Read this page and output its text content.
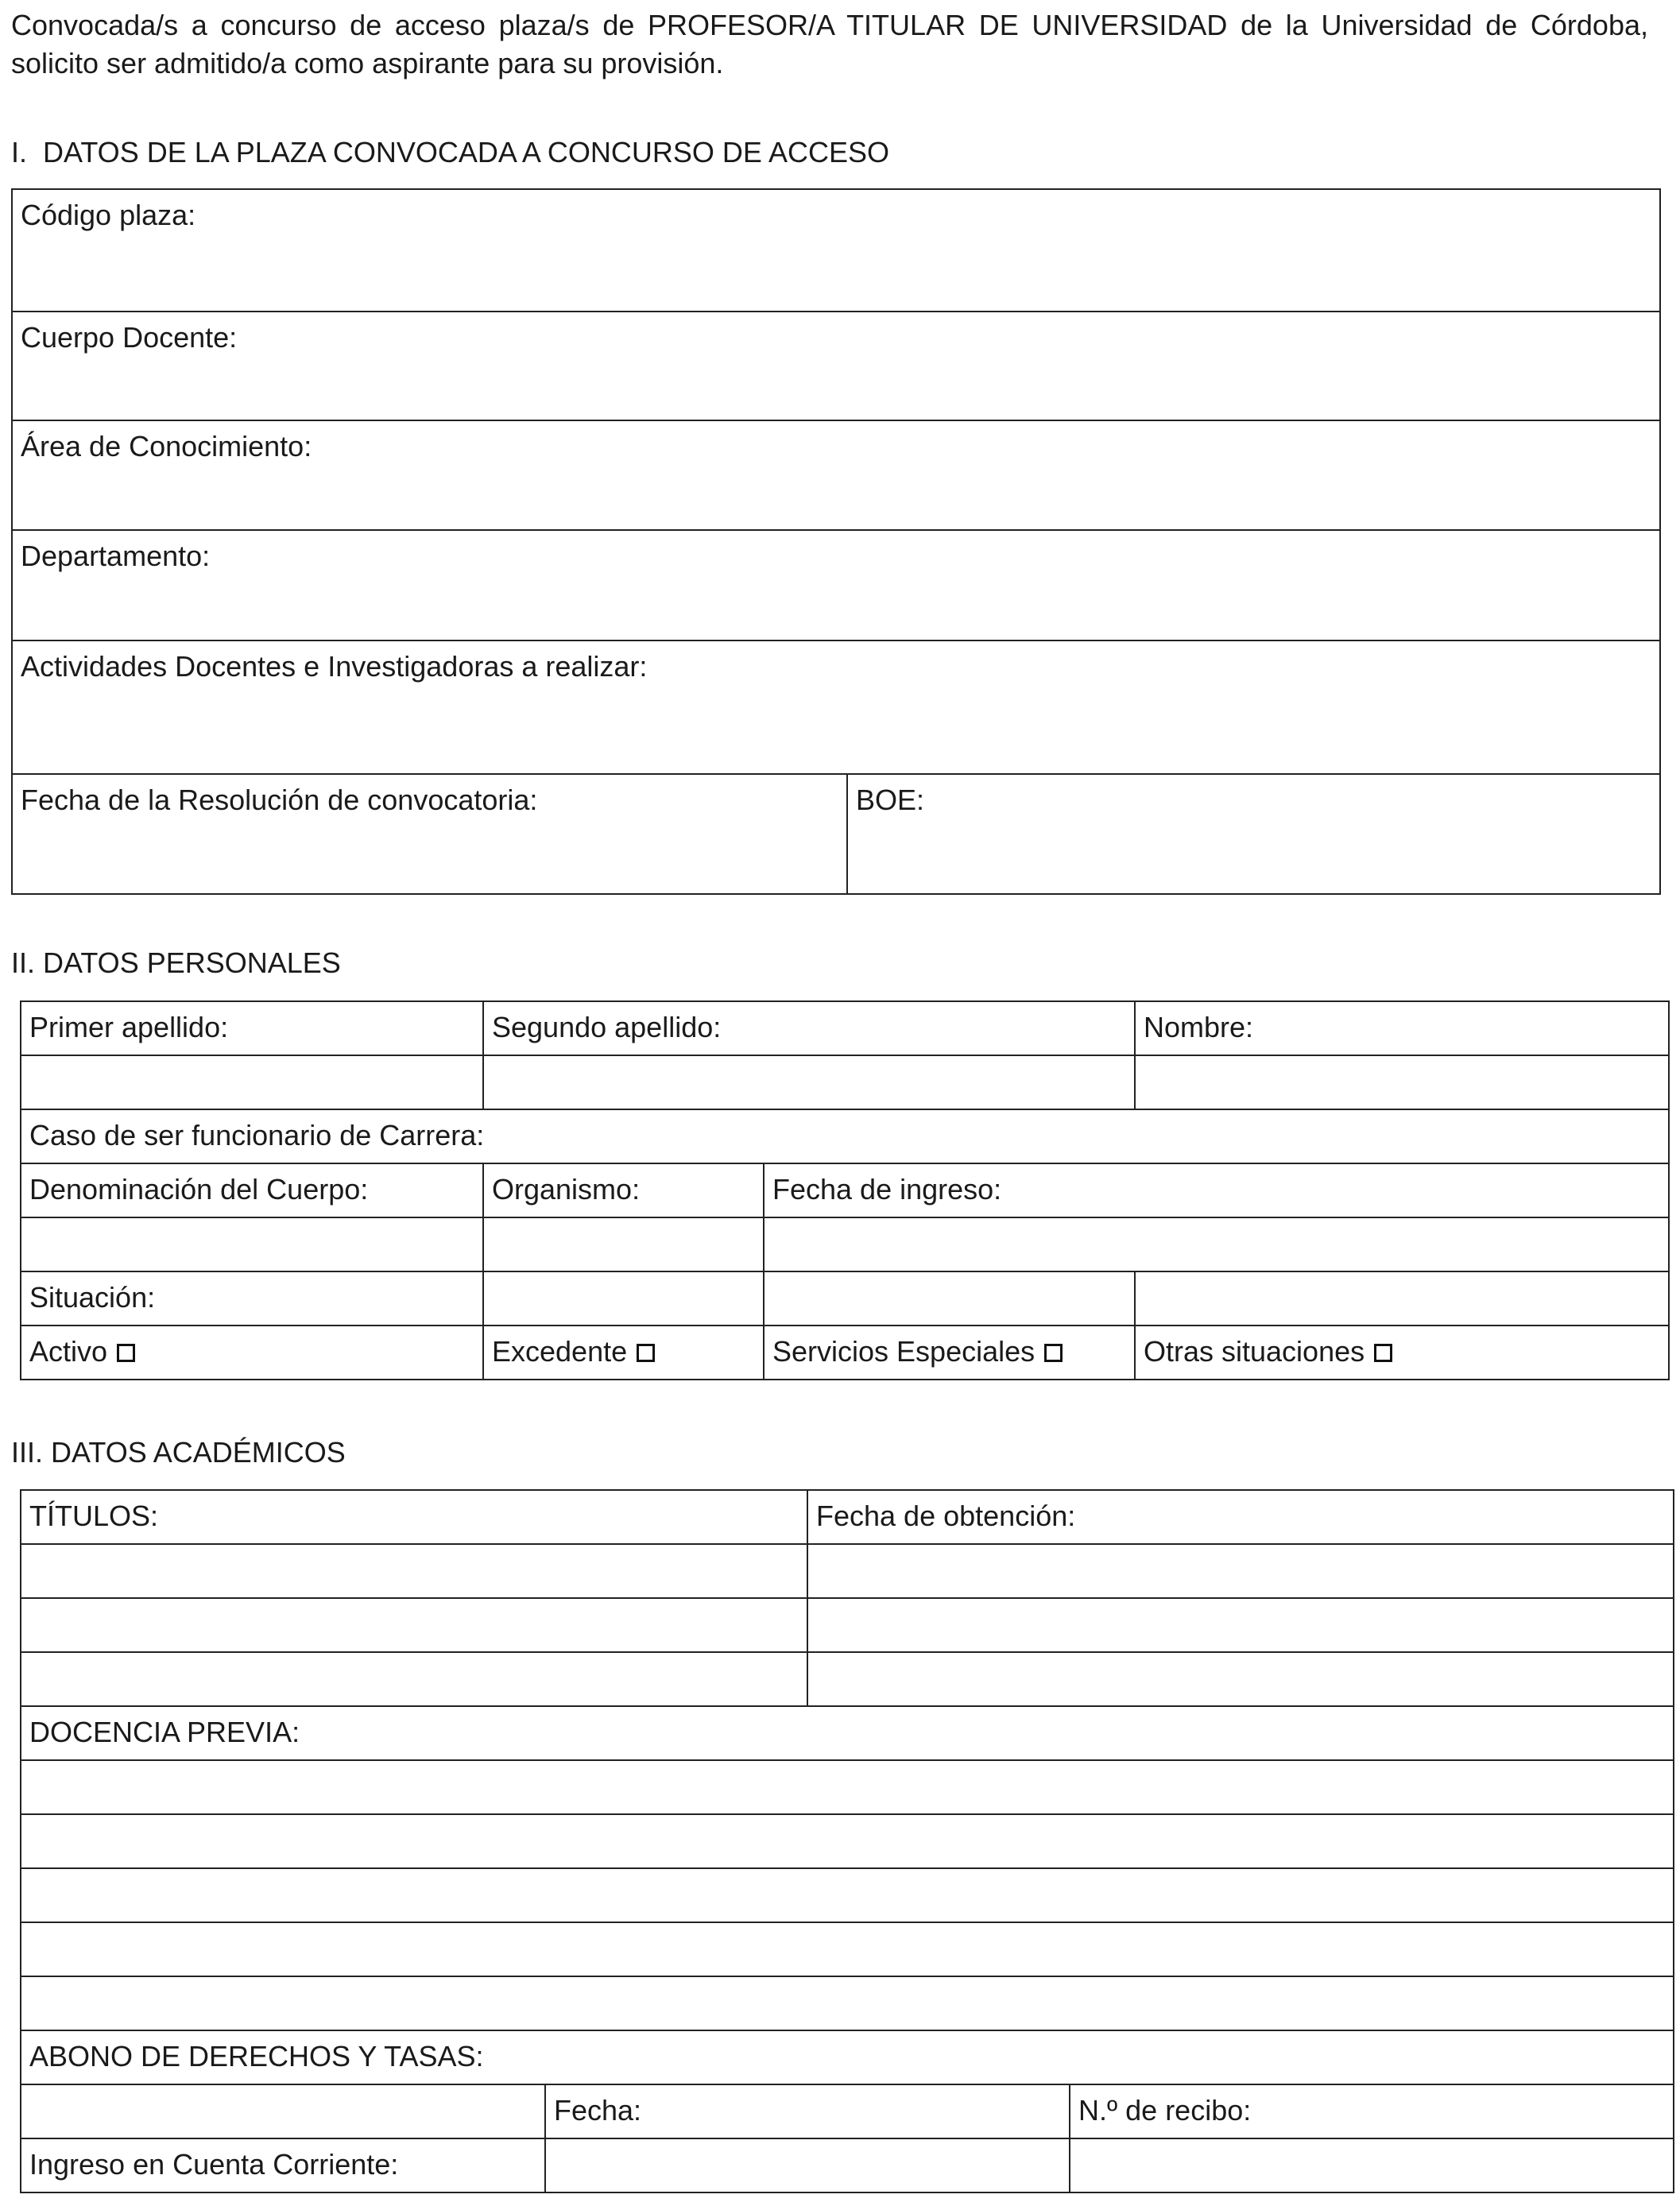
Convocada/s a concurso de acceso plaza/s de PROFESOR/A TITULAR DE UNIVERSIDAD de la Universidad de Córdoba, solicito ser admitido/a como aspirante para su provisión.

I.  DATOS DE LA PLAZA CONVOCADA A CONCURSO DE ACCESO

Código plaza:
Cuerpo Docente:
Área de Conocimiento:
Departamento:
Actividades Docentes e Investigadoras a realizar:
Fecha de la Resolución de convocatoria:	BOE:

II. DATOS PERSONALES

Primer apellido:	Segundo apellido:		Nombre:

Caso de ser funcionario de Carrera:			
Denominación del Cuerpo:	Organismo:	Fecha de ingreso:	

Situación:			
Activo	Excedente	Servicios Especiales	Otras situaciones

III. DATOS ACADÉMICOS

TÍTULOS:		Fecha de obtención:	

DOCENCIA PREVIA:			

ABONO DE DERECHOS Y TASAS:			
	Fecha:		N.º de recibo:
Ingreso en Cuenta Corriente:			
